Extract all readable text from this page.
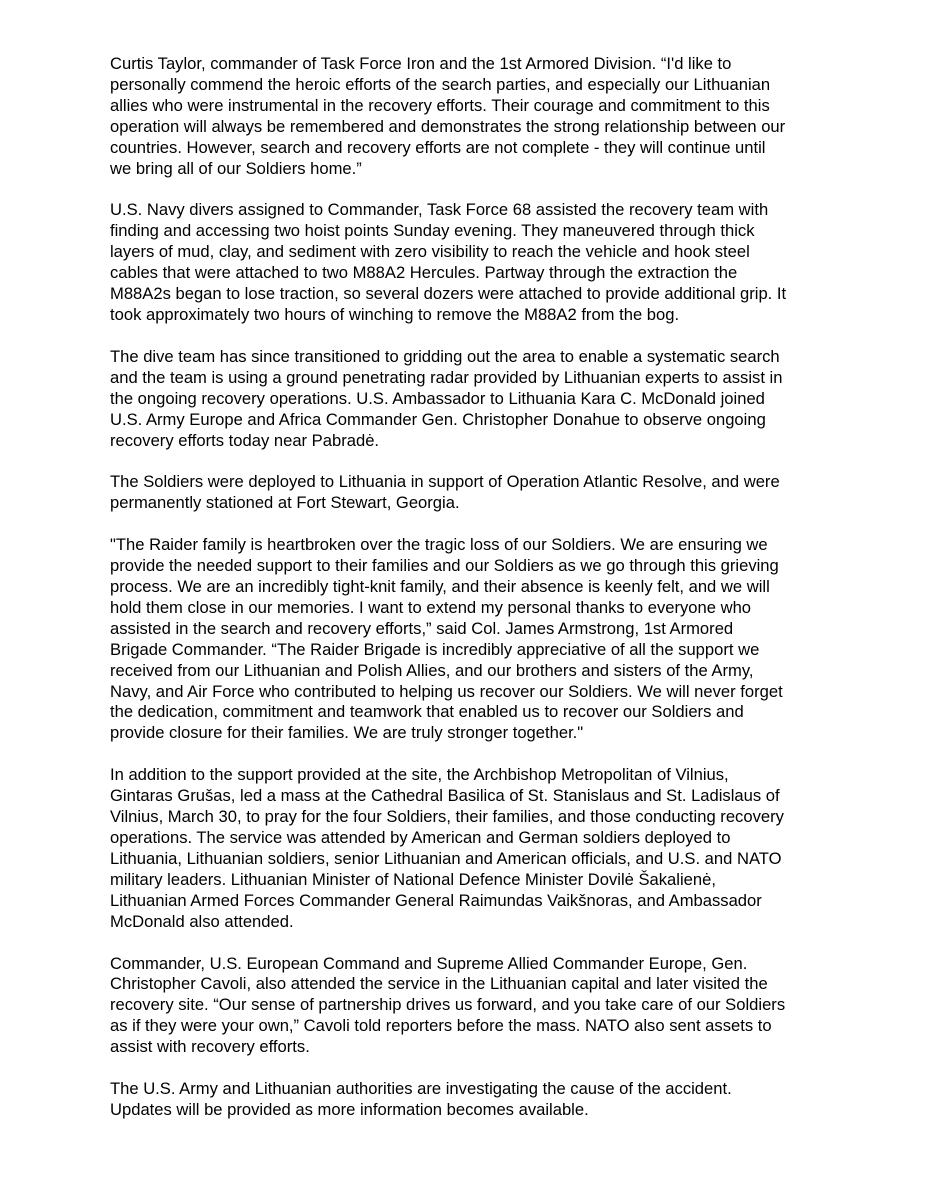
Curtis Taylor, commander of Task Force Iron and the 1st Armored Division. “I'd like to
personally commend the heroic efforts of the search parties, and especially our Lithuanian
allies who were instrumental in the recovery efforts. Their courage and commitment to this
operation will always be remembered and demonstrates the strong relationship between our
countries. However, search and recovery efforts are not complete - they will continue until
we bring all of our Soldiers home.”

U.S. Navy divers assigned to Commander, Task Force 68 assisted the recovery team with
finding and accessing two hoist points Sunday evening. They maneuvered through thick
layers of mud, clay, and sediment with zero visibility to reach the vehicle and hook steel
cables that were attached to two M88A2 Hercules. Partway through the extraction the
M88A2s began to lose traction, so several dozers were attached to provide additional grip. It
took approximately two hours of winching to remove the M88A2 from the bog.

The dive team has since transitioned to gridding out the area to enable a systematic search
and the team is using a ground penetrating radar provided by Lithuanian experts to assist in
the ongoing recovery operations. U.S. Ambassador to Lithuania Kara C. McDonald joined
U.S. Army Europe and Africa Commander Gen. Christopher Donahue to observe ongoing
recovery efforts today near Pabradė.

The Soldiers were deployed to Lithuania in support of Operation Atlantic Resolve, and were
permanently stationed at Fort Stewart, Georgia.

"The Raider family is heartbroken over the tragic loss of our Soldiers. We are ensuring we
provide the needed support to their families and our Soldiers as we go through this grieving
process. We are an incredibly tight-knit family, and their absence is keenly felt, and we will
hold them close in our memories. I want to extend my personal thanks to everyone who
assisted in the search and recovery efforts,” said Col. James Armstrong, 1st Armored
Brigade Commander. “The Raider Brigade is incredibly appreciative of all the support we
received from our Lithuanian and Polish Allies, and our brothers and sisters of the Army,
Navy, and Air Force who contributed to helping us recover our Soldiers. We will never forget
the dedication, commitment and teamwork that enabled us to recover our Soldiers and
provide closure for their families. We are truly stronger together."

In addition to the support provided at the site, the Archbishop Metropolitan of Vilnius,
Gintaras Grušas, led a mass at the Cathedral Basilica of St. Stanislaus and St. Ladislaus of
Vilnius, March 30, to pray for the four Soldiers, their families, and those conducting recovery
operations. The service was attended by American and German soldiers deployed to
Lithuania, Lithuanian soldiers, senior Lithuanian and American officials, and U.S. and NATO
military leaders. Lithuanian Minister of National Defence Minister Dovilė Šakalienė,
Lithuanian Armed Forces Commander General Raimundas Vaikšnoras, and Ambassador
McDonald also attended.

Commander, U.S. European Command and Supreme Allied Commander Europe, Gen.
Christopher Cavoli, also attended the service in the Lithuanian capital and later visited the
recovery site. “Our sense of partnership drives us forward, and you take care of our Soldiers
as if they were your own,” Cavoli told reporters before the mass. NATO also sent assets to
assist with recovery efforts.

The U.S. Army and Lithuanian authorities are investigating the cause of the accident.
Updates will be provided as more information becomes available.
